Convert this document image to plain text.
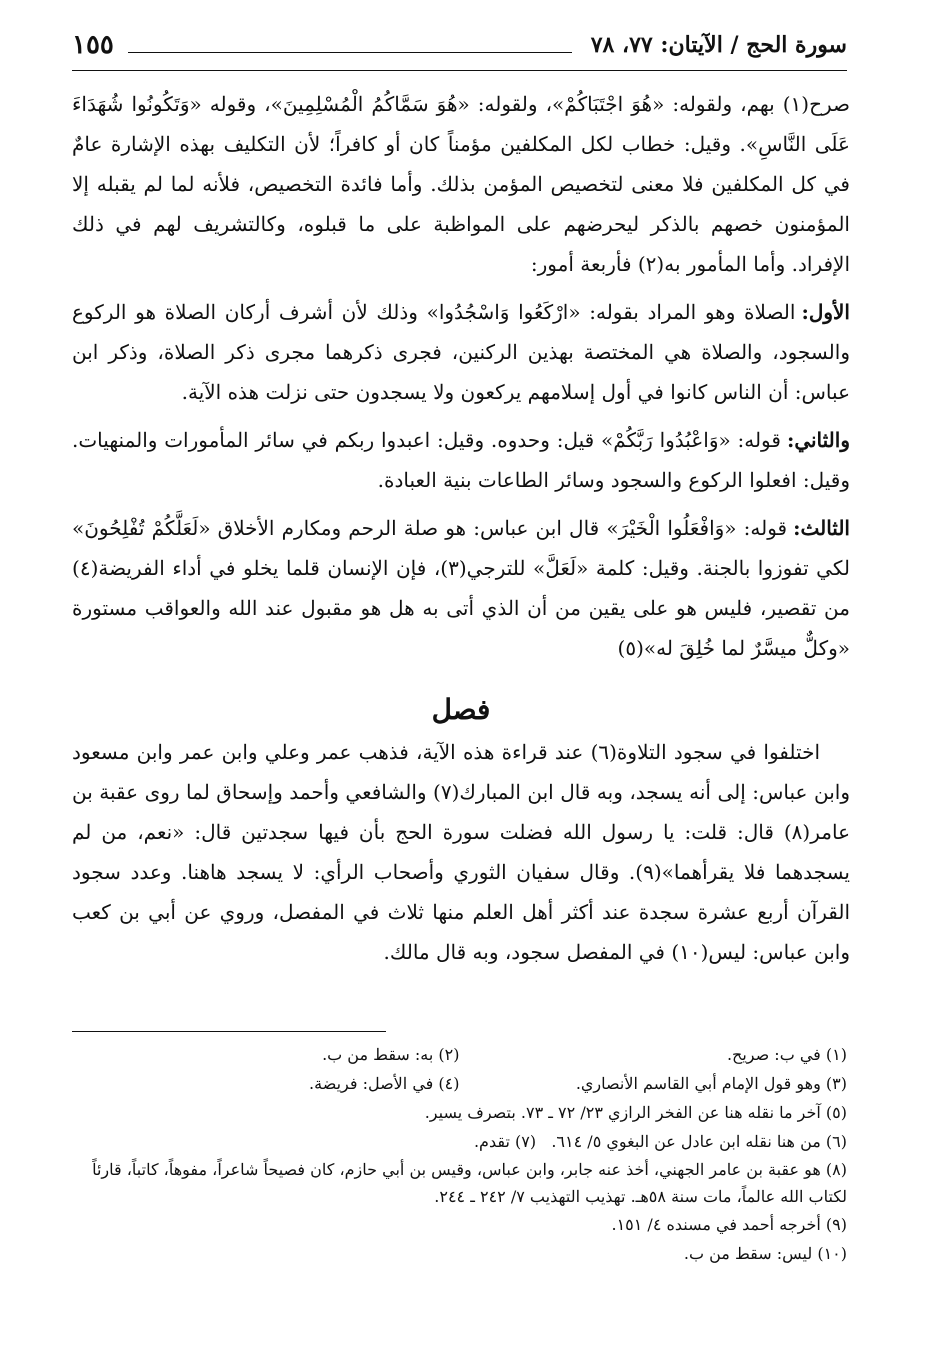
سورة الحج / الآيتان: ٧٧، ٧٨
١٥٥

صرح(١) بهم، ولقوله: «هُوَ اجْتَبَاكُمْ»، ولقوله: «هُوَ سَمَّاكُمُ الْمُسْلِمِينَ»، وقوله «وَتَكُونُوا شُهَدَاءَ عَلَى النَّاسِ». وقيل: خطاب لكل المكلفين مؤمناً كان أو كافراً؛ لأن التكليف بهذه الإشارة عامٌ في كل المكلفين فلا معنى لتخصيص المؤمن بذلك. وأما فائدة التخصيص، فلأنه لما لم يقبله إلا المؤمنون خصهم بالذكر ليحرضهم على المواظبة على ما قبلوه، وكالتشريف لهم في ذلك الإفراد. وأما المأمور به(٢) فأربعة أمور:

الأول:الصلاة وهو المراد بقوله: «ارْكَعُوا وَاسْجُدُوا» وذلك لأن أشرف أركان الصلاة هو الركوع والسجود، والصلاة هي المختصة بهذين الركنين، فجرى ذكرهما مجرى ذكر الصلاة، وذكر ابن عباس: أن الناس كانوا في أول إسلامهم يركعون ولا يسجدون حتى نزلت هذه الآية.

والثاني:قوله: «وَاعْبُدُوا رَبَّكُمْ» قيل: وحدوه. وقيل: اعبدوا ربكم في سائر المأمورات والمنهيات. وقيل: افعلوا الركوع والسجود وسائر الطاعات بنية العبادة.

الثالث:قوله: «وَافْعَلُوا الْخَيْرَ» قال ابن عباس: هو صلة الرحم ومكارم الأخلاق «لَعَلَّكُمْ تُفْلِحُونَ» لكي تفوزوا بالجنة. وقيل: كلمة «لَعَلَّ» للترجي(٣)، فإن الإنسان قلما يخلو في أداء الفريضة(٤) من تقصير، فليس هو على يقين من أن الذي أتى به هل هو مقبول عند الله والعواقب مستورة «وكلٌّ ميسَّرٌ لما خُلِقَ له»(٥)

فصل

اختلفوا في سجود التلاوة(٦) عند قراءة هذه الآية، فذهب عمر وعلي وابن عمر وابن مسعود وابن عباس: إلى أنه يسجد، وبه قال ابن المبارك(٧) والشافعي وأحمد وإسحاق لما روى عقبة بن عامر(٨) قال: قلت: يا رسول الله فضلت سورة الحج بأن فيها سجدتين قال: «نعم، من لم يسجدهما فلا يقرأهما»(٩). وقال سفيان الثوري وأصحاب الرأي: لا يسجد هاهنا. وعدد سجود القرآن أربع عشرة سجدة عند أكثر أهل العلم منها ثلاث في المفصل، وروي عن أبي بن كعب وابن عباس: ليس(١٠) في المفصل سجود، وبه قال مالك.

(١) في ب: صريح.
(٢) به: سقط من ب.
(٣) وهو قول الإمام أبي القاسم الأنصاري.
(٤) في الأصل: فريضة.

(٥) آخر ما نقله هنا عن الفخر الرازي ٢٣/ ٧٢ ـ ٧٣. بتصرف يسير.

(٦) من هنا نقله ابن عادل عن البغوي ٥/ ٦١٤.   (٧) تقدم.

(٨) هو عقبة بن عامر الجهني، أخذ عنه جابر، وابن عباس، وقيس بن أبي حازم، كان فصيحاً شاعراً، مفوهاً، كاتباً، قارئاً لكتاب الله عالماً، مات سنة ٥٨هـ. تهذيب التهذيب ٧/ ٢٤٢ ـ ٢٤٤.

(٩) أخرجه أحمد في مسنده ٤/ ١٥١.

(١٠) ليس: سقط من ب.
